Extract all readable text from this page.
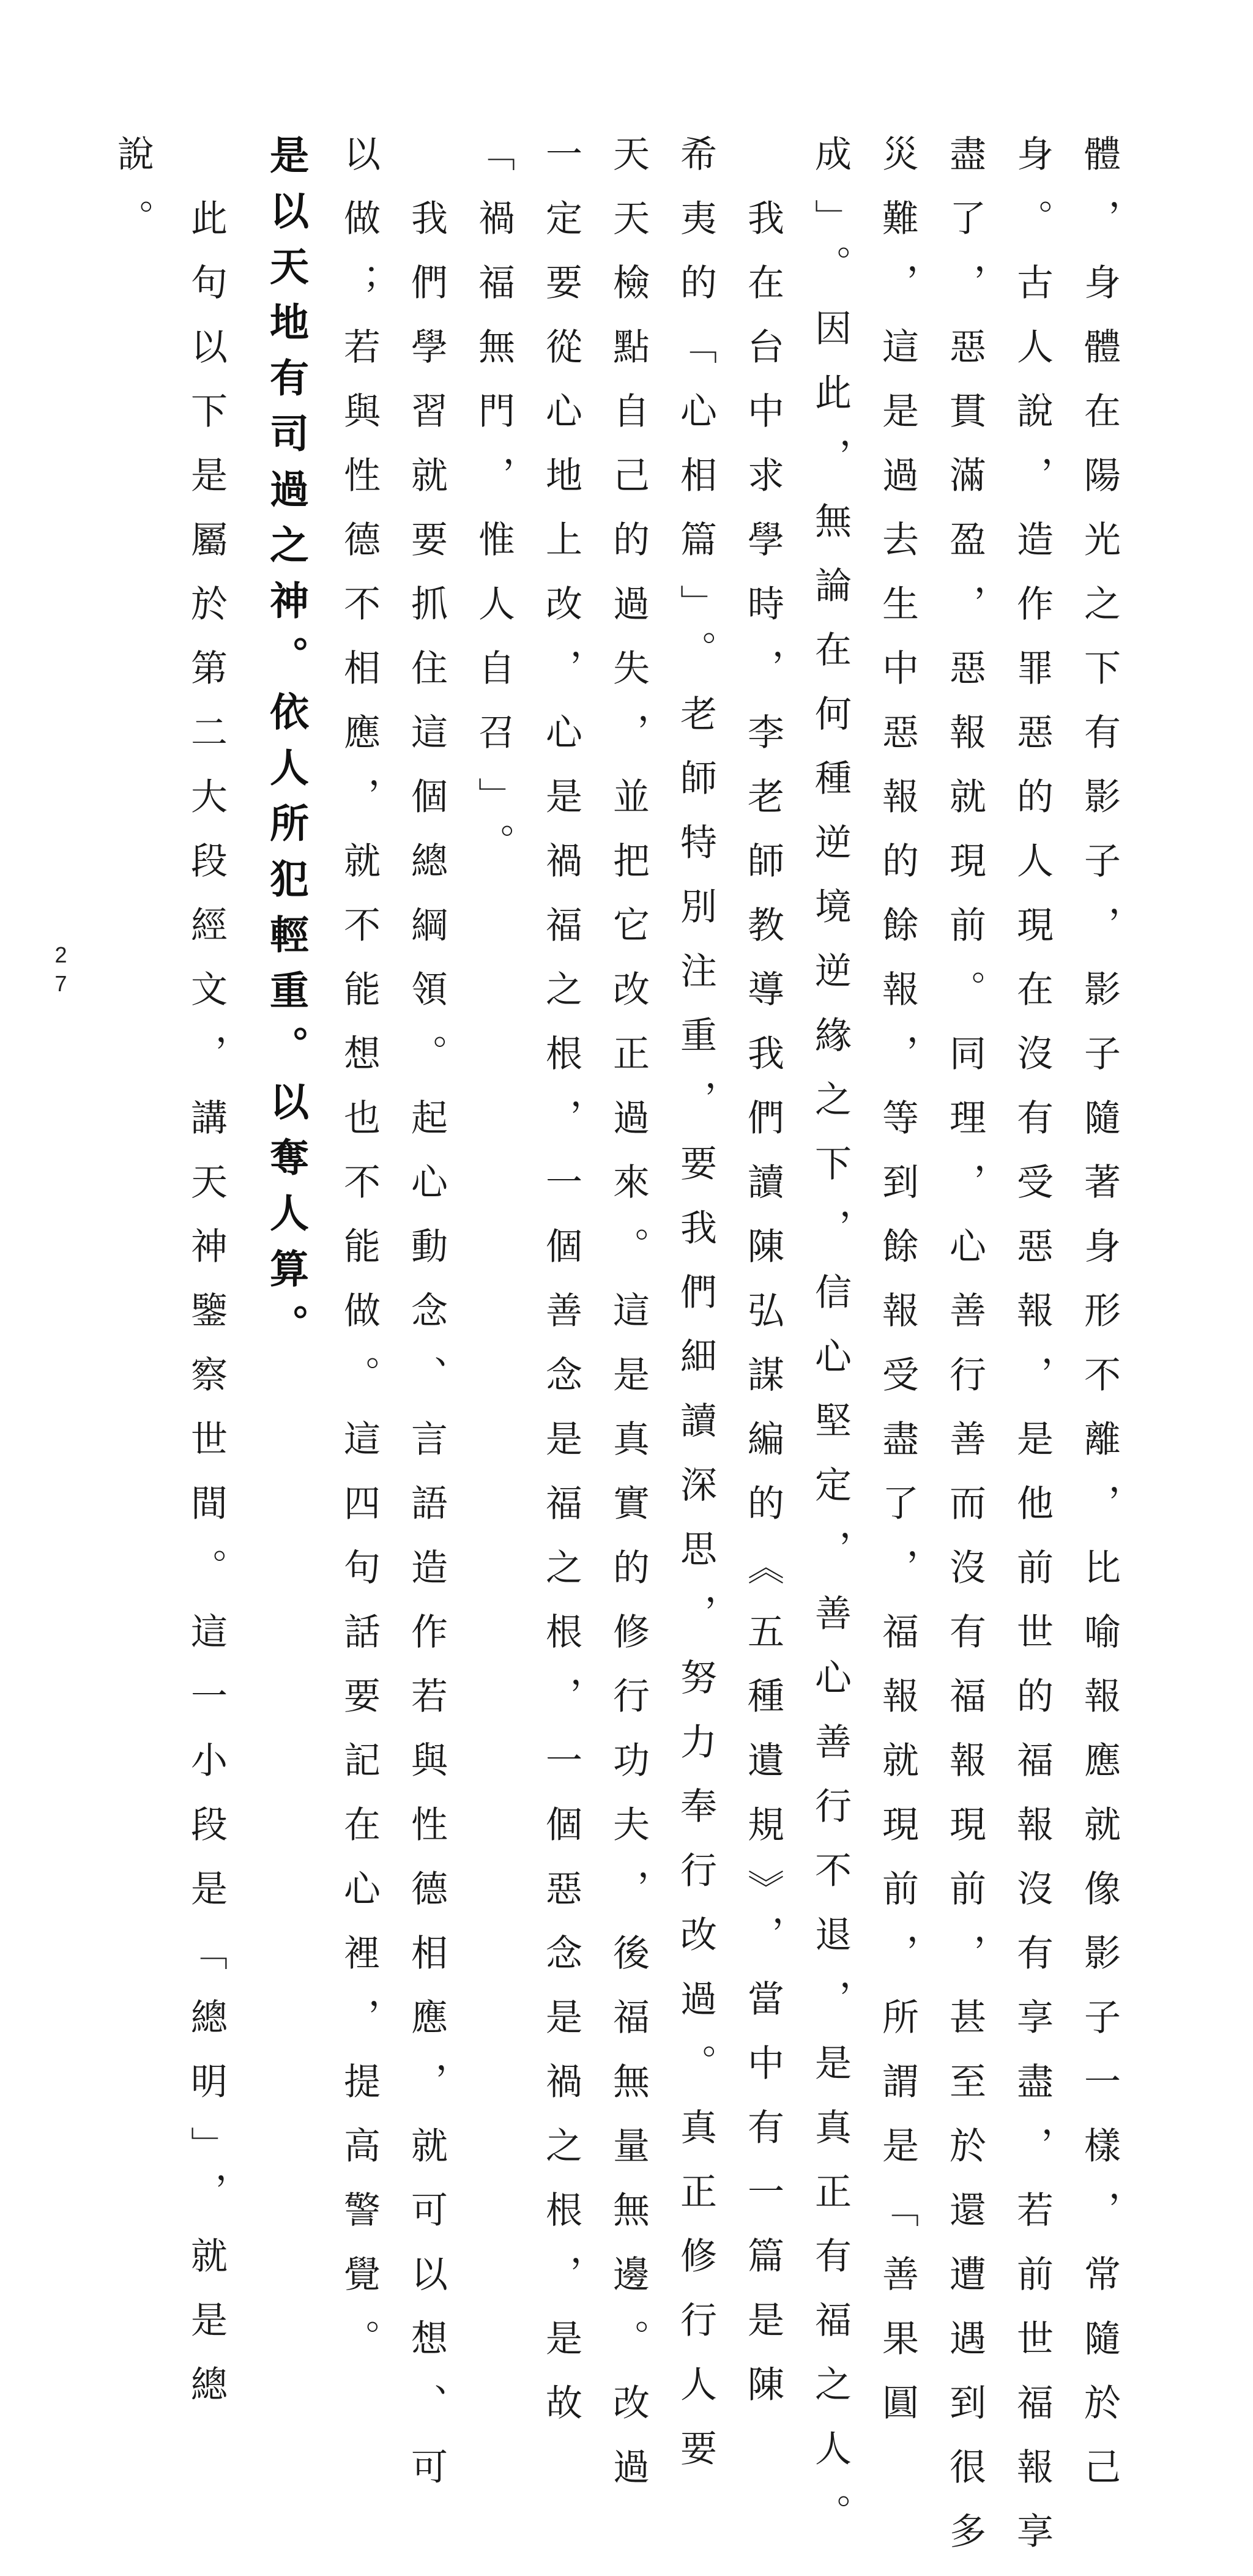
體，身體在陽光之下有影子，影子隨著身形不離，比喻報應就像影子一樣，常隨於己
身。古人說，造作罪惡的人現在沒有受惡報，是他前世的福報沒有享盡，若前世福報享
盡了，惡貫滿盈，惡報就現前。同理，心善行善而沒有福報現前，甚至於還遭遇到很多
災難，這是過去生中惡報的餘報，等到餘報受盡了，福報就現前，所謂是「善果圓
成」。因此，無論在何種逆境逆緣之下，信心堅定，善心善行不退，是真正有福之人。
　我在台中求學時，李老師教導我們讀陳弘謀編的《五種遺規》，當中有一篇是陳
希夷的「心相篇」。老師特別注重，要我們細讀深思，努力奉行改過。真正修行人要
天天檢點自己的過失，並把它改正過來。這是真實的修行功夫，後福無量無邊。改過
一定要從心地上改，心是禍福之根，一個善念是福之根，一個惡念是禍之根，是故
「禍福無門，惟人自召」。
　我們學習就要抓住這個總綱領。起心動念、言語造作若與性德相應，就可以想、可
以做；若與性德不相應，就不能想也不能做。這四句話要記在心裡，提高警覺。
是以天地有司過之神。依人所犯輕重。以奪人算。
　此句以下是屬於第二大段經文，講天神鑒察世間。這一小段是「總明」，就是總
說。
27
